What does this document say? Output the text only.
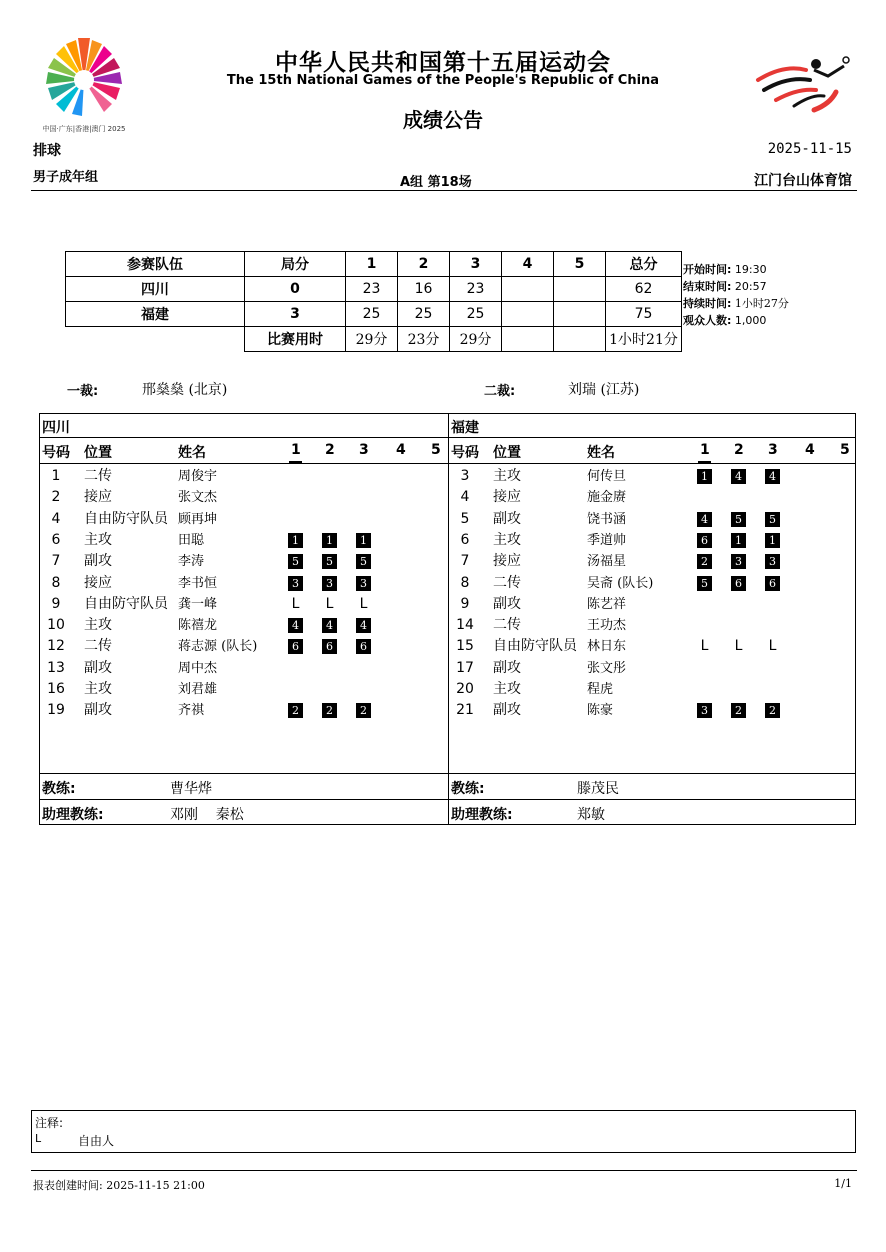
中国·广东|香港|澳门 2025
中华人民共和国第十五届运动会
The 15th National Games of the People's Republic of China
成绩公告
排球	2025-11-15
男子成年组	A组 第18场	江门台山体育馆
参赛队伍	局分	1	2	3	4	5	总分
四川	0	23	16	23			62
福建	3	25	25	25			75
	比赛用时	29分	23分	29分			1小时21分
开始时间: 19:30
结束时间: 20:57
持续时间: 1小时27分
观众人数: 1,000
一裁:	邢燊燊 (北京)	二裁:	刘瑞 (江苏)
四川	福建
号码 位置	姓名	1 2 3 4 5 号码 位置	姓名	1 2 3 4 5
1	二传	周俊宇
2	接应	张文杰
4	自由防守队员 顾再坤
6	主攻	田聪	1	1	1
7	副攻	李涛	5	5	5
8	接应	李书恒	3	3	3
9	自由防守队员 龚一峰	L L L
10	主攻	陈禧龙	4	4	4
12	二传	蒋志源 (队长)	6	6	6
13	副攻	周中杰
16	主攻	刘君雄
19	副攻	齐祺	2	2	2
3	主攻	何传旦	1	4	4
4	接应	施金赓
5	副攻	饶书涵	4	5	5
6	主攻	季道帅	6	1	1
7	接应	汤福星	2	3	3
8	二传	吴斋 (队长)	5	6	6
9	副攻	陈艺祥
14	二传	王功杰
15	自由防守队员 林日东	L L L
17	副攻	张文彤
20	主攻	程虎
21	副攻	陈豪	3	2	2
教练:	曹华烨
助理教练:	邓刚    秦松
教练:	滕茂民
助理教练:	郑敏
注释:
L	自由人
报表创建时间: 2025-11-15 21:00	1/1
